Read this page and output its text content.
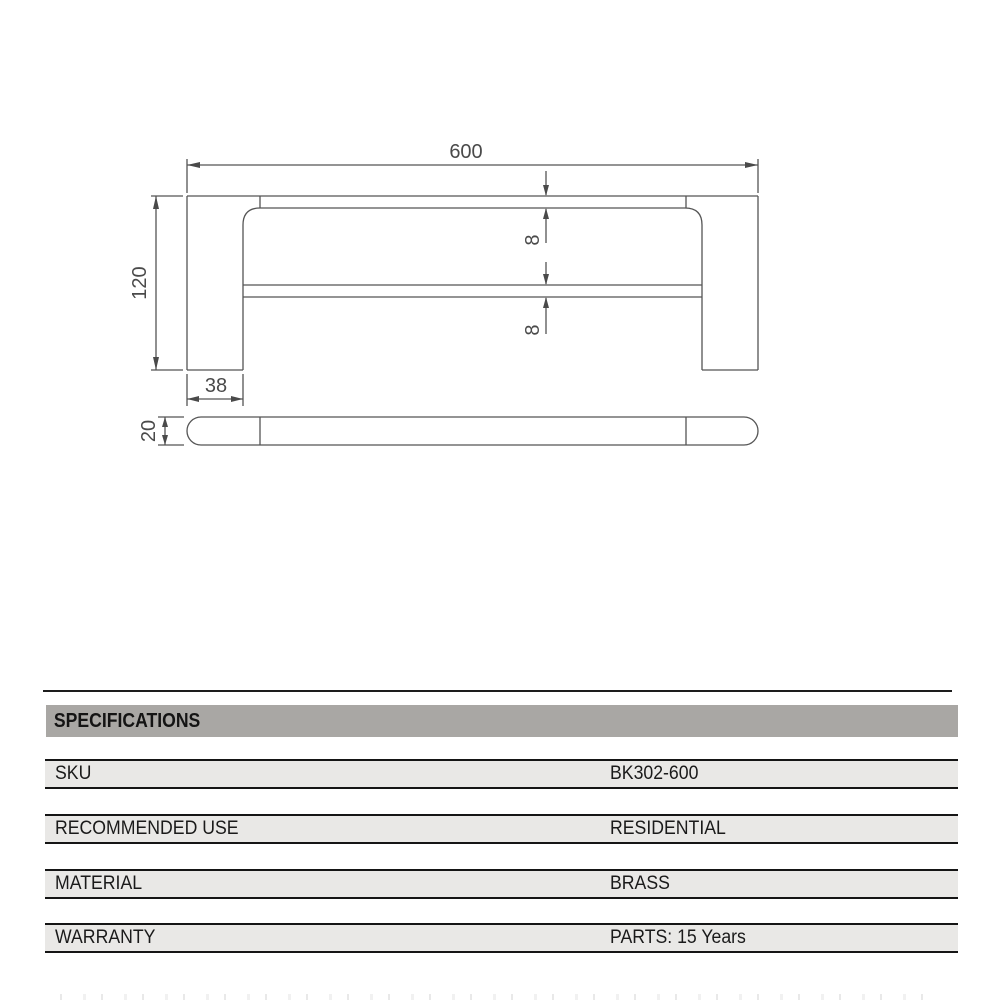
600
120
8
8
38
20
SPECIFICATIONS
SKU	BK302-600
RECOMMENDED USE	RESIDENTIAL
MATERIAL	BRASS
WARRANTY	PARTS: 15 Years
